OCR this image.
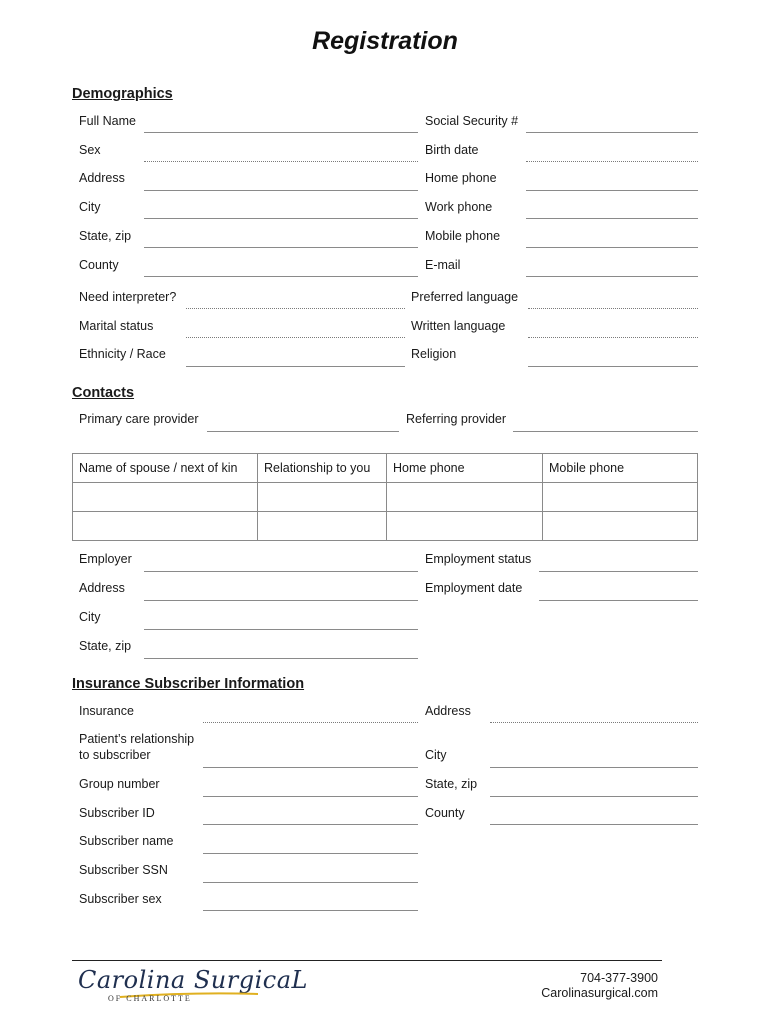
Registration
Demographics
Full Name	Social Security #
Sex	Birth date
Address	Home phone
City	Work phone
State, zip	Mobile phone
County	E-mail
Need interpreter?	Preferred language
Marital status	Written language
Ethnicity / Race	Religion
Contacts
Primary care provider	Referring provider
Name of spouse / next of kin	Relationship to you	Home phone	Mobile phone

Employer	Employment status
Address	Employment date
City
State, zip
Insurance Subscriber Information
Insurance	Address
Patient’s relationship
to subscriber	City
Group number	State, zip
Subscriber ID	County
Subscriber name
Subscriber SSN
Subscriber sex
Carolina SurgicaL
OF CHARLOTTE
704-377-3900
Carolinasurgical.com
